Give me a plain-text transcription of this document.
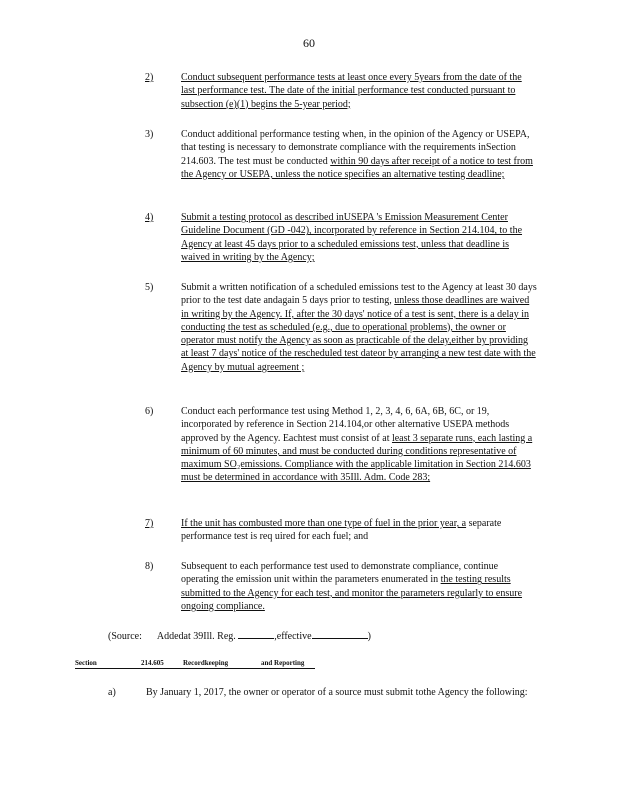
60
2)	Conduct subsequent performance tests at least once every 5years from the date of the last performance test. The date of the initial performance test conducted pursuant to subsection (e)(1) begins the 5-year period;
3)	Conduct additional performance testing when, in the opinion of the Agency or USEPA, that testing is necessary to demonstrate compliance with the requirements inSection 214.603. The test must be conducted within 90 days after receipt of a notice to test from the Agency or USEPA, unless the notice specifies an alternative testing deadline;
4)	Submit a testing protocol as described inUSEPA 's Emission Measurement Center Guideline Document (GD -042), incorporated by reference in Section 214.104, to the Agency at least 45 days prior to a scheduled emissions test, unless that deadline is waived in writing by the Agency;
5)	Submit a written notification of a scheduled emissions test to the Agency at least 30 days prior to the test date andagain 5 days prior to testing, unless those deadlines are waived in writing by the Agency. If, after the 30 days' notice of a test is sent, there is a delay in conducting the test as scheduled (e.g., due to operational problems), the owner or operator must notify the Agency as soon as practicable of the delay,either by providing at least 7 days' notice of the rescheduled test dateor by arranging a new test date with the Agency by mutual agreement ;
6)	Conduct each performance test using Method 1, 2, 3, 4, 6, 6A, 6B, 6C, or 19, incorporated by reference in Section 214.104,or other alternative USEPA methods approved by the Agency. Eachtest must consist of at least 3 separate runs, each lasting a minimum of 60 minutes, and must be conducted during conditions representative of maximum SO₂emissions. Compliance with the applicable limitation in Section 214.603 must be determined in accordance with 35Ill. Adm. Code 283;
7)	If the unit has combusted more than one type of fuel in the prior year, a separate performance test is req uired for each fuel; and
8)	Subsequent to each performance test used to demonstrate compliance, continue operating the emission unit within the parameters enumerated in the testing results submitted to the Agency for each test, and monitor the parameters regularly to ensure ongoing compliance.
(Source: Addedat 39Ill. Reg.	,effective	)
Section	214.605	Recordkeeping	and Reporting
a)	By January 1, 2017, the owner or operator of a source must submit tothe Agency the following:
